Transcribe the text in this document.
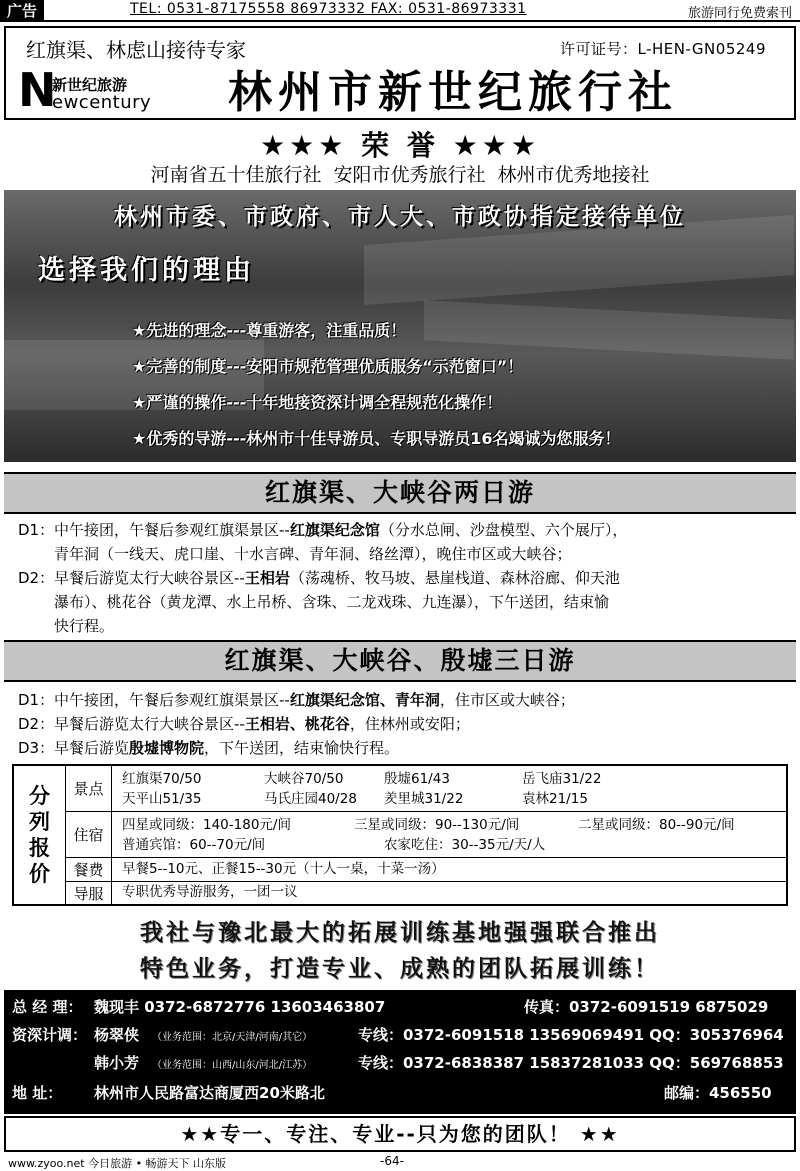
广告	TEL: 0531-87175558 86973332 FAX: 0531-86973331	旅游同行免费索刊
红旗渠、林虑山接待专家	许可证号：L-HEN-GN05249
N
新世纪旅游
ewcentury 林州市新世纪旅行社
★★★ 荣 誉 ★★★
河南省五十佳旅行社 安阳市优秀旅行社 林州市优秀地接社
林州市委、市政府、市人大、市政协指定接待单位
选择我们的理由
★先进的理念---尊重游客，注重品质！
★完善的制度---安阳市规范管理优质服务“示范窗口”！
★严谨的操作---十年地接资深计调全程规范化操作！
★优秀的导游---林州市十佳导游员、专职导游员16名竭诚为您服务！
红旗渠、大峡谷两日游
D1： 中午接团，午餐后参观红旗渠景区--红旗渠纪念馆（分水总闸、沙盘模型、六个展厅），
青年洞（一线天、虎口崖、十水言碑、青年洞、络丝潭），晚住市区或大峡谷；
D2： 早餐后游览太行大峡谷景区--王相岩（荡魂桥、牧马坡、悬崖栈道、森林浴廊、仰天池
瀑布）、桃花谷（黄龙潭、水上吊桥、含珠、二龙戏珠、九连瀑），下午送团，结束愉
快行程。
红旗渠、大峡谷、殷墟三日游
D1： 中午接团，午餐后参观红旗渠景区--红旗渠纪念馆、青年洞，住市区或大峡谷；
D2： 早餐后游览太行大峡谷景区--王相岩、桃花谷，住林州或安阳；
D3： 早餐后游览殷墟博物院，下午送团，结束愉快行程。
分
列
报
价
景点
红旗渠70/50	大峡谷70/50	殷墟61/43	岳飞庙31/22
天平山51/35	马氏庄园40/28 羑里城31/22	袁林21/15
住宿
四星或同级：140-180元/间	三星或同级：90--130元/间	二星或同级：80--90元/间
普通宾馆：60--70元/间	农家吃住：30--35元/天/人
餐费	早餐5--10元、正餐15--30元（十人一桌，十菜一汤）
导服	专职优秀导游服务，一团一议
我社与豫北最大的拓展训练基地强强联合推出
特色业务，打造专业、成熟的团队拓展训练！
总 经 理： 魏现丰 0372-6872776 13603463807	传真：0372-6091519 6875029
资深计调： 杨翠侠 （业务范围：北京/天津/河南/其它）	专线：0372-6091518 13569069491 QQ：305376964
韩小芳 （业务范围：山西/山东/河北/江苏）	专线：0372-6838387 15837281033 QQ：569768853
地 址： 林州市人民路富达商厦西20米路北	邮编：456550
★★专一、专注、专业--只为您的团队！ ★★
www.zyoo.net 今日旅游 • 畅游天下 山东版	-64-
